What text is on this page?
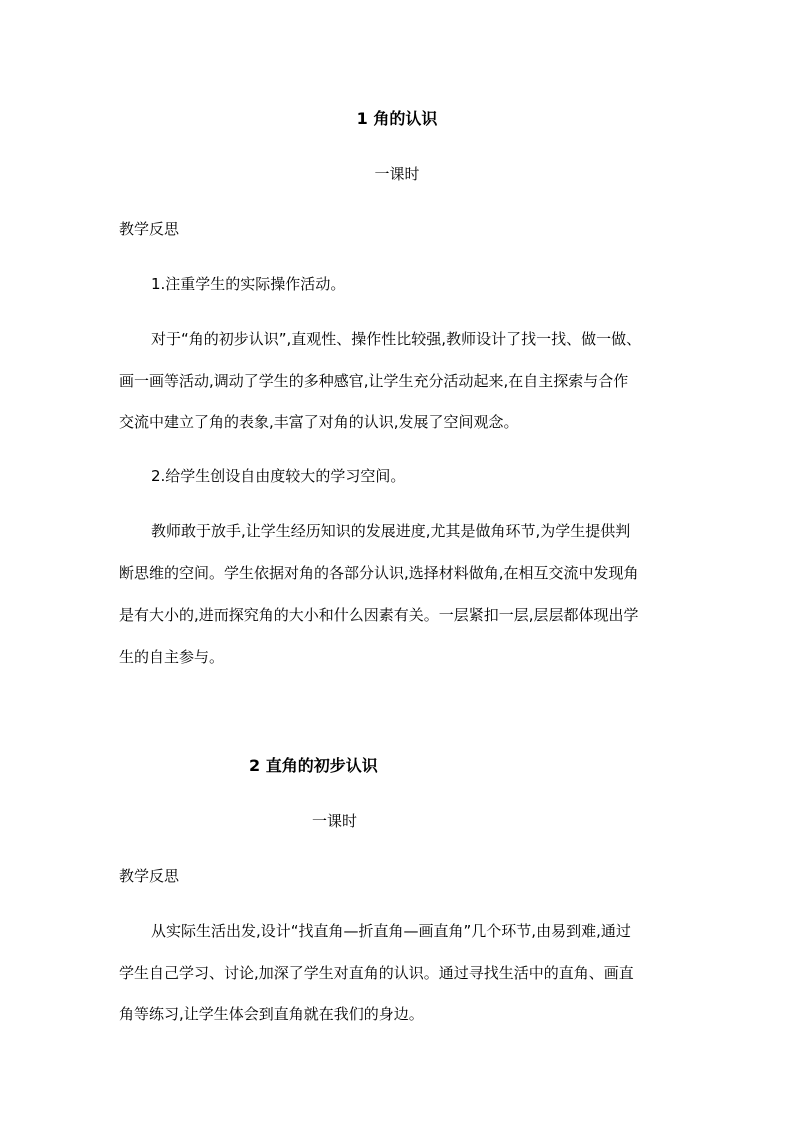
1 角的认识
一课时
教学反思
1.注重学生的实际操作活动。
对于“角的初步认识”,直观性、操作性比较强,教师设计了找一找、做一做、
画一画等活动,调动了学生的多种感官,让学生充分活动起来,在自主探索与合作
交流中建立了角的表象,丰富了对角的认识,发展了空间观念。
2.给学生创设自由度较大的学习空间。
教师敢于放手,让学生经历知识的发展进度,尤其是做角环节,为学生提供判
断思维的空间。学生依据对角的各部分认识,选择材料做角,在相互交流中发现角
是有大小的,进而探究角的大小和什么因素有关。一层紧扣一层,层层都体现出学
生的自主参与。
2 直角的初步认识
一课时
教学反思
从实际生活出发,设计“找直角—折直角—画直角”几个环节,由易到难,通过
学生自己学习、讨论,加深了学生对直角的认识。通过寻找生活中的直角、画直
角等练习,让学生体会到直角就在我们的身边。
